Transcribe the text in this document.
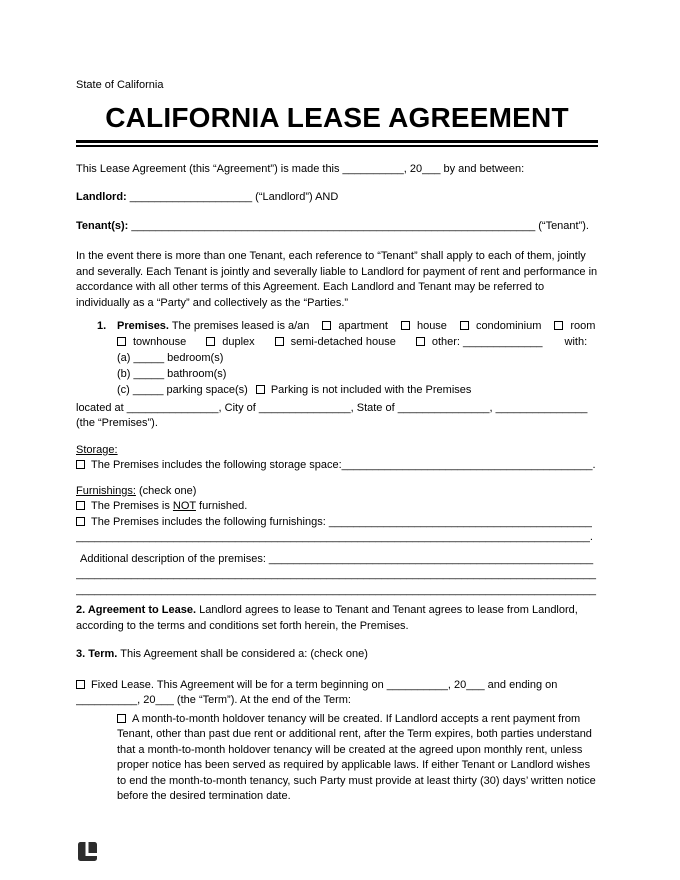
State of California
CALIFORNIA LEASE AGREEMENT
This Lease Agreement (this “Agreement”) is made this __________, 20___ by and between:
Landlord: ____________________ (“Landlord”) AND
Tenant(s): __________________________________________________________________ (“Tenant”).
In the event there is more than one Tenant, each reference to “Tenant” shall apply to each of them, jointly and severally. Each Tenant is jointly and severally liable to Landlord for payment of rent and performance in accordance with all other terms of this Agreement. Each Landlord and Tenant may be referred to individually as a “Party” and collectively as the “Parties.”
1. Premises. The premises leased is a/an	apartment	house	condominium	room
townhouse	duplex	semi-detached house	other: _____________ with:
(a) _____ bedroom(s)
(b) _____ bathroom(s)
(c) _____ parking space(s) Parking is not included with the Premises
located at _______________, City of _______________, State of _______________, _______________
(the “Premises”).
Storage:
The Premises includes the following storage space:_________________________________________.
Furnishings: (check one)
The Premises is NOT furnished.
The Premises includes the following furnishings: ___________________________________________
____________________________________________________________________________________.
Additional description of the premises: _____________________________________________________
_____________________________________________________________________________________
_____________________________________________________________________________________
2. Agreement to Lease. Landlord agrees to lease to Tenant and Tenant agrees to lease from Landlord, according to the terms and conditions set forth herein, the Premises.
3. Term. This Agreement shall be considered a: (check one)
Fixed Lease. This Agreement will be for a term beginning on __________, 20___ and ending on
__________, 20___ (the “Term”). At the end of the Term:
A month-to-month holdover tenancy will be created. If Landlord accepts a rent payment from Tenant, other than past due rent or additional rent, after the Term expires, both parties understand that a month-to-month holdover tenancy will be created at the agreed upon monthly rent, unless proper notice has been served as required by applicable laws. If either Tenant or Landlord wishes to end the month-to-month tenancy, such Party must provide at least thirty (30) days’ written notice before the desired termination date.
